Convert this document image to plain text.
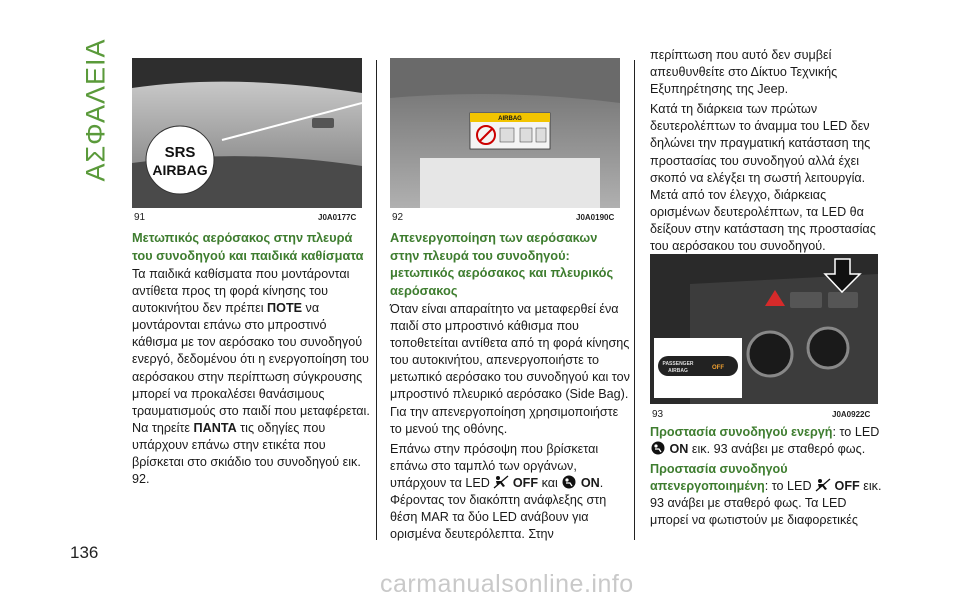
ΑΣΦΑΛΕΙΑ
136
SRS
AIRBAG
91	J0A0177C
AIRBAG
92	J0A0190C
PASSENGER
AIRBAG	OFF
93	J0A0922C
Μετωπικός αερόσακος στην πλευρά του συνοδηγού και παιδικά καθίσματα

Τα παιδικά καθίσματα που μοντάρονται αντίθετα προς τη φορά κίνησης του αυτοκινήτου δεν πρέπει ΠΟΤΕ να μοντάρονται επάνω στο μπροστινό κάθισμα με τον αερόσακο του συνοδηγού ενεργό, δεδομένου ότι η ενεργοποίηση του αερόσακου στην περίπτωση σύγκρουσης μπορεί να προκαλέσει θανάσιμους τραυματισμούς στο παιδί που μεταφέρεται. Να τηρείτε ΠΑΝΤΑ τις οδηγίες που υπάρχουν επάνω στην ετικέτα που βρίσκεται στο σκιάδιο του συνοδηγού εικ. 92.

Απενεργοποίηση των αερόσακων στην πλευρά του συνοδηγού: μετωπικός αερόσακος και πλευρικός αερόσακος

Όταν είναι απαραίτητο να μεταφερθεί ένα παιδί στο μπροστινό κάθισμα που τοποθετείται αντίθετα από τη φορά κίνησης του αυτοκινήτου, απενεργοποιήστε το μετωπικό αερόσακο του συνοδηγού και τον μπροστινό πλευρικό αερόσακο (Side Bag). Για την απενεργοποίηση χρησιμοποιήστε το μενού της οθόνης.

Επάνω στην πρόσοψη που βρίσκεται επάνω στο ταμπλό των οργάνων, υπάρχουν τα LED OFF και ON. Φέροντας τον διακόπτη ανάφλεξης στη θέση MAR τα δύο LED ανάβουν για ορισμένα δευτερόλεπτα. Στην

περίπτωση που αυτό δεν συμβεί απευθυνθείτε στο Δίκτυο Τεχνικής Εξυπηρέτησης της Jeep.

Κατά τη διάρκεια των πρώτων δευτερολέπτων το άναμμα του LED δεν δηλώνει την πραγματική κατάσταση της προστασίας του συνοδηγού αλλά έχει σκοπό να ελέγξει τη σωστή λειτουργία. Μετά από τον έλεγχο, διάρκειας ορισμένων δευτερολέπτων, τα LED θα δείξουν στην κατάσταση της προστασίας του αερόσακου του συνοδηγού.

Προστασία συνοδηγού ενεργή: το LED  ON εικ. 93 ανάβει με σταθερό φως.

Προστασία συνοδηγού απενεργοποιημένη: το LED OFF εικ. 93 ανάβει με σταθερό φως. Τα LED μπορεί να φωτιστούν με διαφορετικές

carmanualsonline.info
